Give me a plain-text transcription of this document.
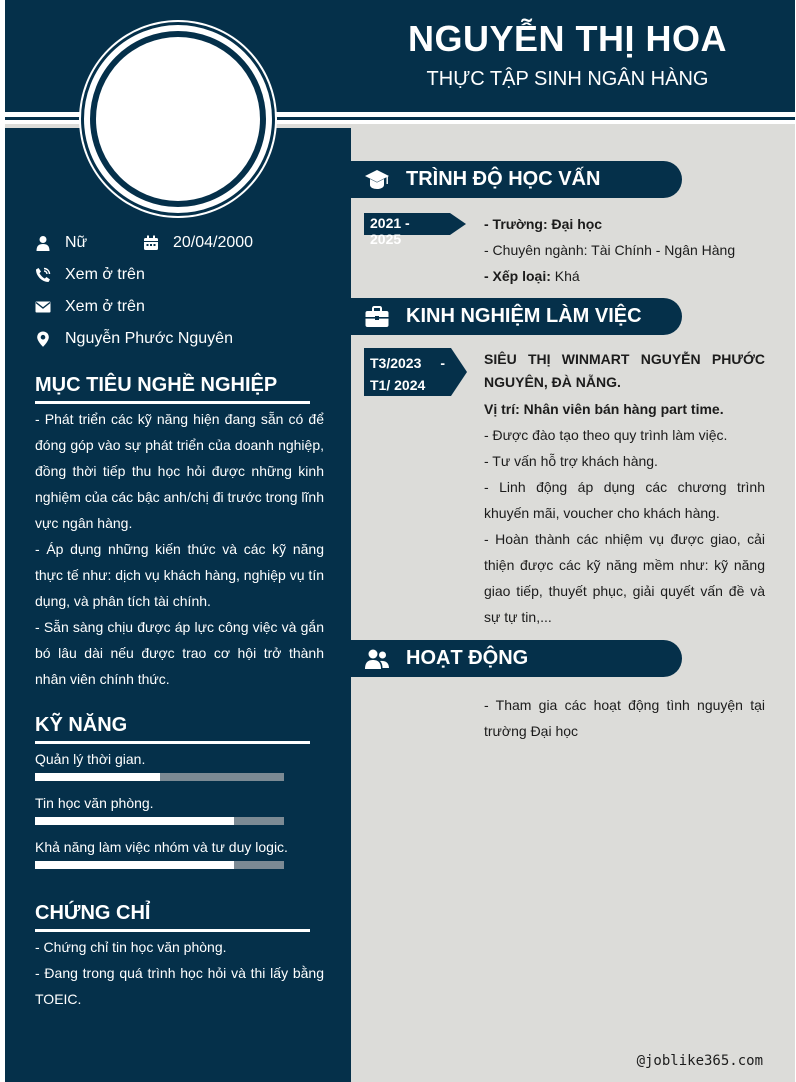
NGUYỄN THỊ HOA
THỰC TẬP SINH NGÂN HÀNG
Nữ	20/04/2000
Xem ở trên
Xem ở trên
Nguyễn Phước Nguyên
MỤC TIÊU NGHỀ NGHIỆP
- Phát triển các kỹ năng hiện đang sẵn có để đóng góp vào sự phát triển của doanh nghiệp, đồng thời tiếp thu học hỏi được những kinh nghiệm của các bậc anh/chị đi trước trong lĩnh vực ngân hàng.
- Áp dụng những kiến thức và các kỹ năng thực tế như: dịch vụ khách hàng, nghiệp vụ tín dụng, và phân tích tài chính.
- Sẵn sàng chịu được áp lực công việc và gắn bó lâu dài nếu được trao cơ hội trở thành nhân viên chính thức.
KỸ NĂNG
Quản lý thời gian.
Tin học văn phòng.
Khả năng làm việc nhóm và tư duy logic.
CHỨNG CHỈ
- Chứng chỉ tin học văn phòng.
- Đang trong quá trình học hỏi và thi lấy bằng TOEIC.
TRÌNH ĐỘ HỌC VẤN
2021 - 2025
- Trường: Đại học
- Chuyên ngành: Tài Chính - Ngân Hàng
- Xếp loại: Khá
KINH NGHIỆM LÀM VIỆC
T3/2023 -
T1/ 2024
SIÊU THỊ WINMART NGUYỄN PHƯỚC NGUYÊN, ĐÀ NẴNG.
Vị trí: Nhân viên bán hàng part time.
- Được đào tạo theo quy trình làm việc.
- Tư vấn hỗ trợ khách hàng.
- Linh động áp dụng các chương trình khuyến mãi, voucher cho khách hàng.
- Hoàn thành các nhiệm vụ được giao, cải thiện được các kỹ năng mềm như: kỹ năng giao tiếp, thuyết phục, giải quyết vấn đề và sự tự tin,...
HOẠT ĐỘNG
- Tham gia các hoạt động tình nguyện tại trường Đại học
@joblike365.com
